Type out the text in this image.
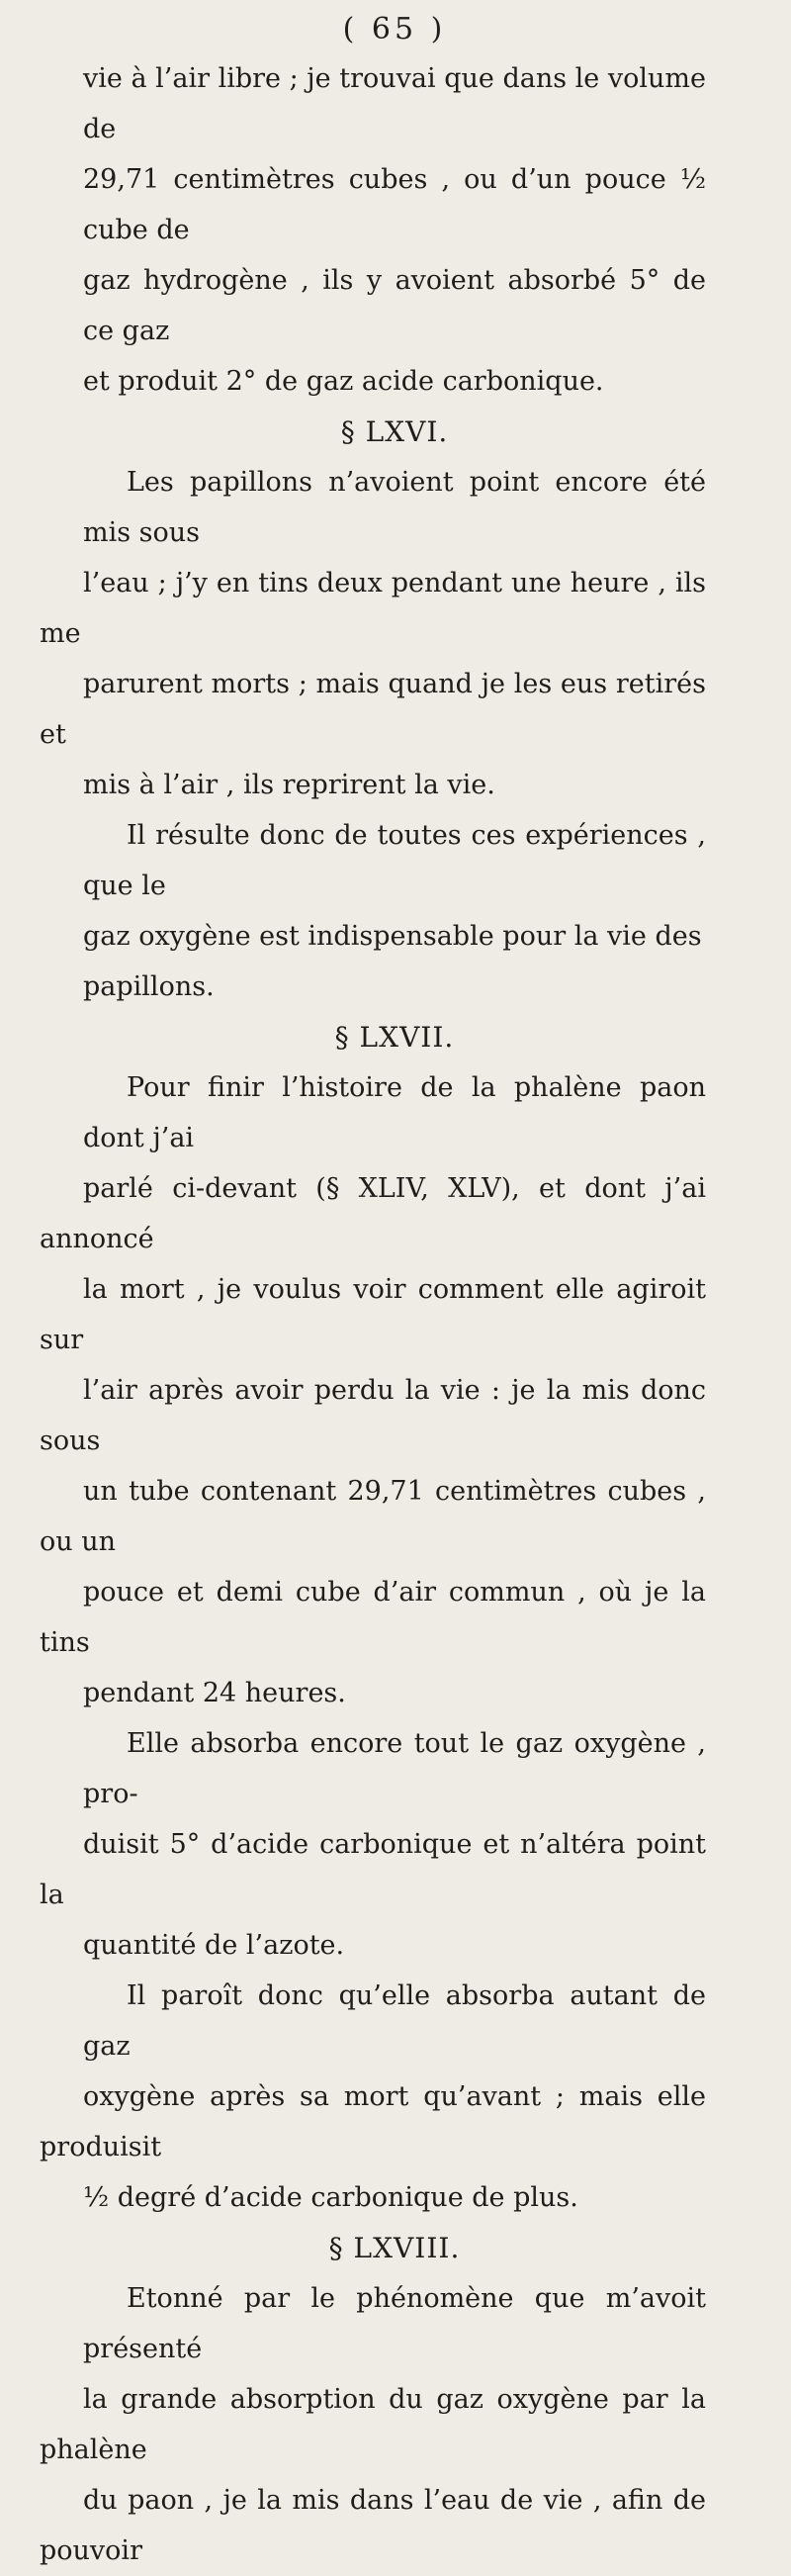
( 65 )
vie à l’air libre ; je trouvai que dans le volume de
29,71 centimètres cubes , ou d’un pouce ½ cube de
gaz hydrogène , ils y avoient absorbé 5° de ce gaz
et produit 2° de gaz acide carbonique.

§ LXVI.

Les papillons n’avoient point encore été mis sous
l’eau ; j’y en tins deux pendant une heure , ils me
parurent morts ; mais quand je les eus retirés et
mis à l’air , ils reprirent la vie.
Il résulte donc de toutes ces expériences , que le
gaz oxygène est indispensable pour la vie des
papillons.

§ LXVII.

Pour finir l’histoire de la phalène paon dont j’ai
parlé ci-devant (§ XLIV, XLV), et dont j’ai annoncé
la mort , je voulus voir comment elle agiroit sur
l’air après avoir perdu la vie : je la mis donc sous
un tube contenant 29,71 centimètres cubes , ou un
pouce et demi cube d’air commun , où je la tins
pendant 24 heures.
Elle absorba encore tout le gaz oxygène , pro-
duisit 5° d’acide carbonique et n’altéra point la
quantité de l’azote.
Il paroît donc qu’elle absorba autant de gaz
oxygène après sa mort qu’avant ; mais elle produisit
½ degré d’acide carbonique de plus.

§ LXVIII.

Etonné par le phénomène que m’avoit présenté
la grande absorption du gaz oxygène par la phalène
du paon , je la mis dans l’eau de vie , afin de pouvoir
